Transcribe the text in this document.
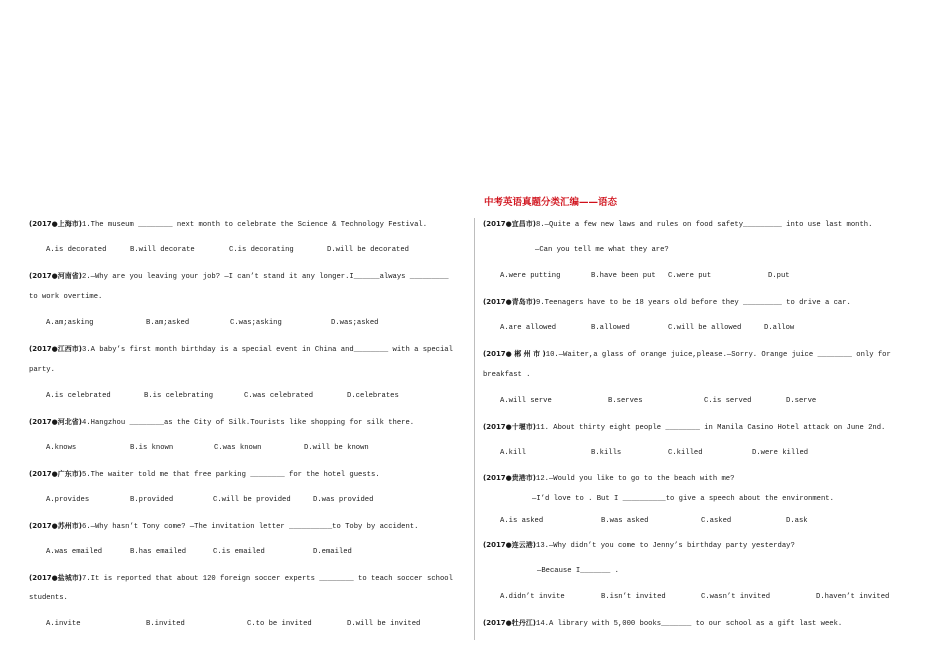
中考英语真题分类汇编——语态
(2017●上海市)1.The museum ________ next month to celebrate the Science & Technology Festival.
A.is decorated	B.will decorate	C.is decorating	D.will be decorated
(2017●河南省)2.—Why are you leaving your job? —I can’t stand it any longer.I______always _________
to work overtime.
A.am;asking	B.am;asked	C.was;asking	D.was;asked
(2017●江西市)3.A baby’s first month birthday is a special event in China and________ with a special
party.
A.is celebrated	B.is celebrating	C.was celebrated	D.celebrates
(2017●河北省)4.Hangzhou ________as the City of Silk.Tourists like shopping for silk there.
A.knows	B.is known	C.was known	D.will be known
(2017●广东市)5.The waiter told me that free parking ________ for the hotel guests.
A.provides	B.provided	C.will be provided	D.was provided
(2017●苏州市)6.—Why hasn’t Tony come? —The invitation letter __________to Toby by accident.
A.was emailed	B.has emailed	C.is emailed	D.emailed
(2017●盐城市)7.It is reported that about 120 foreign soccer experts ________ to teach soccer school
students.
A.invite	B.invited	C.to be invited	D.will be invited
(2017●宜昌市)8.—Quite a few new laws and rules on food safety_________ into use last month.
—Can you tell me what they are?
A.were putting	B.have been put C.were put	D.put
(2017●青岛市)9.Teenagers have to be 18 years old before they _________ to drive a car.
A.are allowed	B.allowed	C.will be allowed	D.allow
(2017● 郴 州 市 )10.—Waiter,a glass of orange juice,please.—Sorry. Orange juice ________ only for
breakfast .
A.will serve	B.serves	C.is served	D.serve
(2017●十堰市)11. About thirty eight people ________ in Manila Casino Hotel attack on June 2nd.
A.kill	B.kills	C.killed	D.were killed
(2017●贵港市)12.—Would you like to go to the beach with me?
—I’d love to . But I __________to give a speech about the environment.
A.is asked	B.was asked	C.asked	D.ask
(2017●连云港)13.—Why didn’t you come to Jenny’s birthday party yesterday?
—Because I_______ .
A.didn’t invite	B.isn’t invited	C.wasn’t invited	D.haven’t invited
(2017●牡丹江)14.A library with 5,000 books_______ to our school as a gift last week.
